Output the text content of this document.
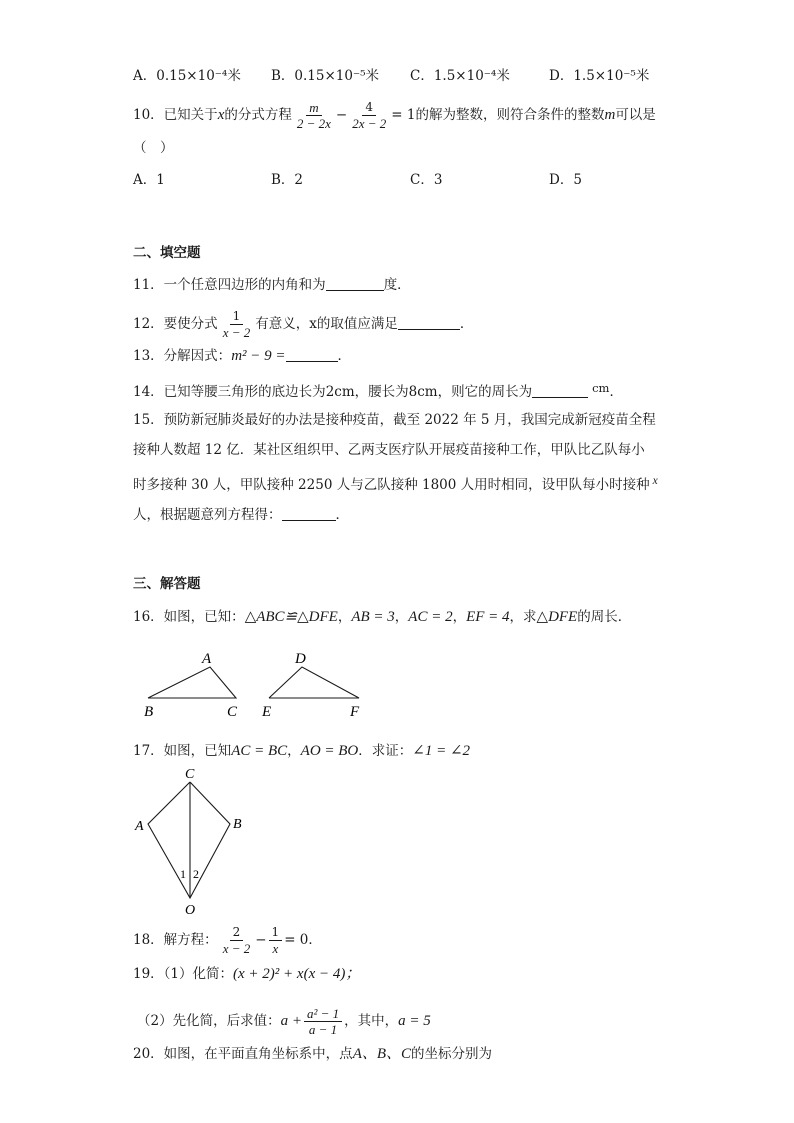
A．0.15×10⁻⁴米 B．0.15×10⁻⁵米 C．1.5×10⁻⁴米	D．1.5×10⁻⁵米
10．已知关于x的分式方程 $\frac{m}{2 - 2x} - \frac{4}{2x - 2} = 1$的解为整数，则符合条件的整数m可以是
（　）
A．1	B．2	C．3	D．5
二、填空题
11．一个任意四边形的内角和为	度．
12．要使分式 $\frac{1}{x - 2}$ 有意义，x的取值应满足	．
13．分解因式：m² − 9 =	．
14．已知等腰三角形的底边长为2cm，腰长为8cm，则它的周长为	cm．
15．预防新冠肺炎最好的办法是接种疫苗，截至 2022 年 5 月，我国完成新冠疫苗全程
接种人数超 12 亿．某社区组织甲、乙两支医疗队开展疫苗接种工作，甲队比乙队每小
时多接种 30 人，甲队接种 2250 人与乙队接种 1800 人用时相同，设甲队每小时接种 x
人，根据题意列方程得：	．
三、解答题
16．如图，已知：△ABC≌△DFE，AB = 3，AC = 2，EF = 4，求△DFE的周长．
A
B	C
D
E	F
17．如图，已知AC = BC，AO = BO．求证：∠1 = ∠2
C
A	B
O
1 2
18．解方程： $\frac{2}{x - 2} - \frac{1}{x} = 0$．
19．（1）化简：(x + 2)² + x(x − 4)；
（2）先化简，后求值：$a + \frac{\text{a² − 1}}{a - 1}$ ，其中，a = 5
20．如图，在平面直角坐标系中，点A、B、C的坐标分别为
